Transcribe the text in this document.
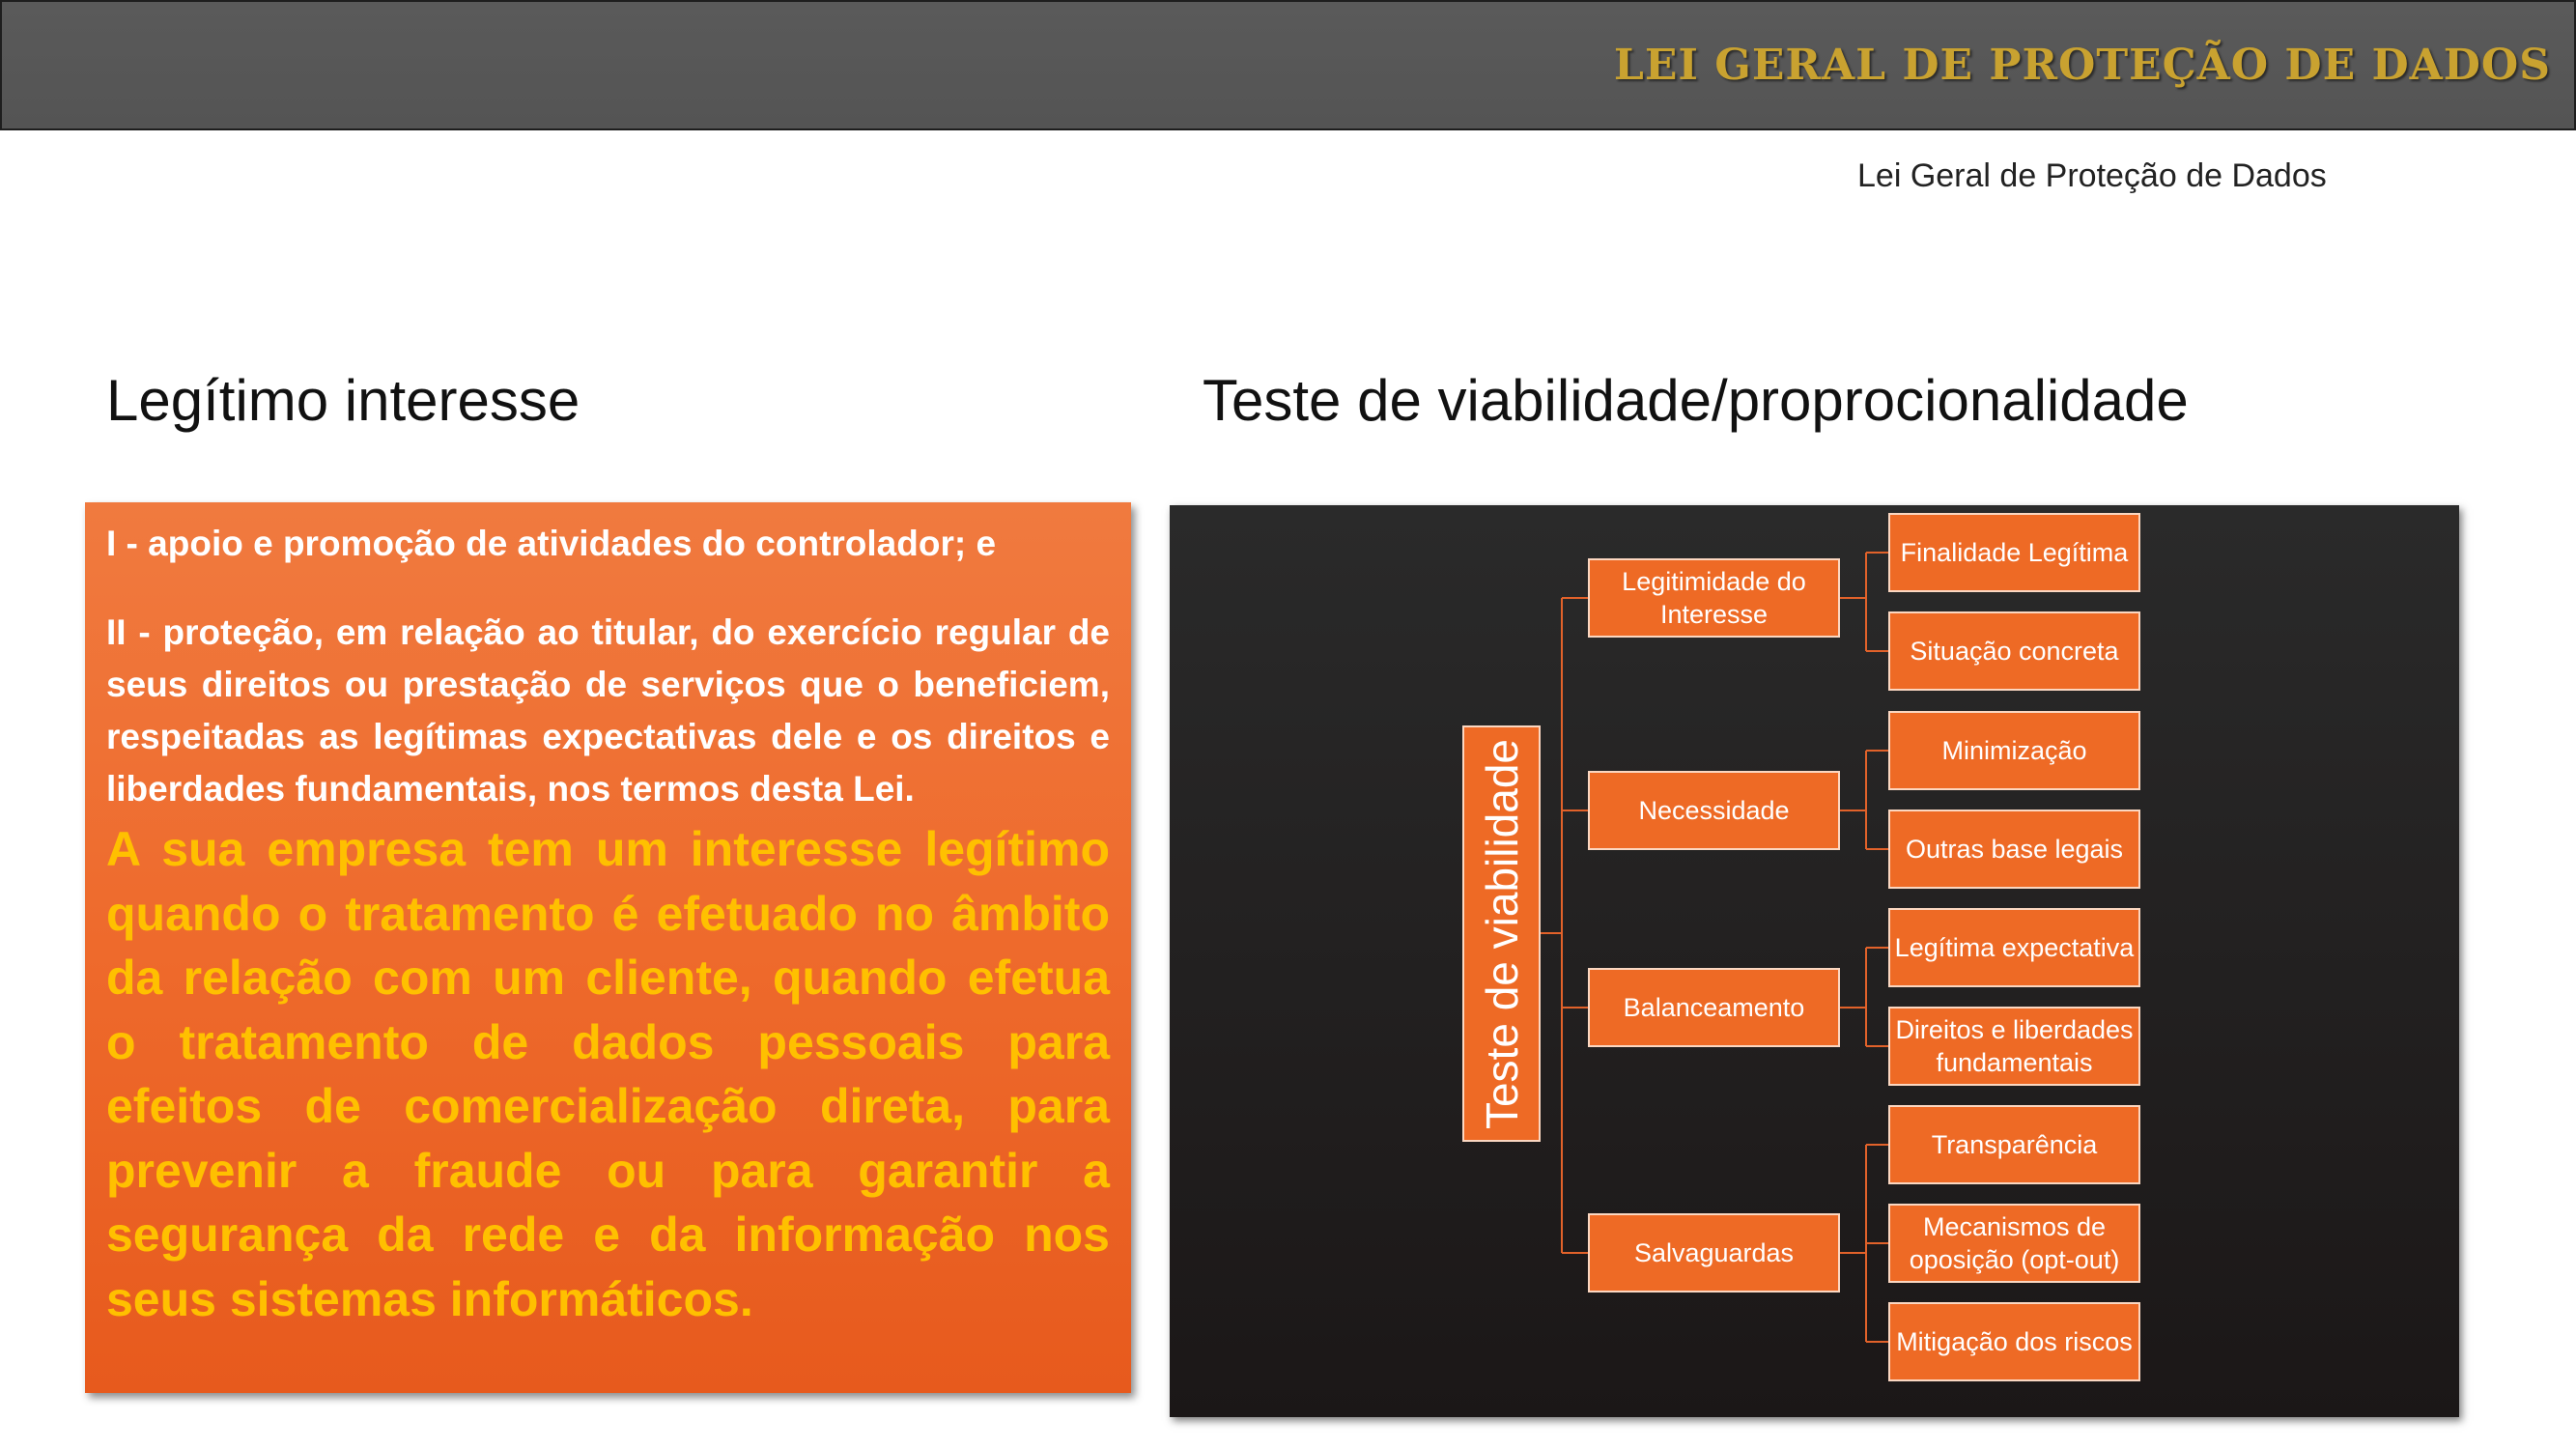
LEI GERAL DE PROTEÇÃO DE DADOS
Lei Geral de Proteção de Dados
Legítimo interesse	Teste de viabilidade/proprocionalidade

I - apoio e promoção de atividades do controlador; e

II - proteção, em relação ao titular, do exercício regular de seus direitos ou prestação de serviços que o beneficiem, respeitadas as legítimas expectativas dele e os direitos e liberdades fundamentais, nos termos desta Lei.

A sua empresa tem um interesse legítimo quando o tratamento é efetuado no âmbito da relação com um cliente, quando efetua o tratamento de dados pessoais para efeitos de comercialização direta, para prevenir a fraude ou para garantir a segurança da rede e da informação nos seus sistemas informáticos.

Teste de viabilidade
Legitimidade do
Interesse
Finalidade Legítima
Situação concreta
Necessidade
Minimização
Outras base legais
Balanceamento
Legítima expectativa
Direitos e liberdades
fundamentais
Salvaguardas
Transparência
Mecanismos de
oposição (opt-out)
Mitigação dos riscos
